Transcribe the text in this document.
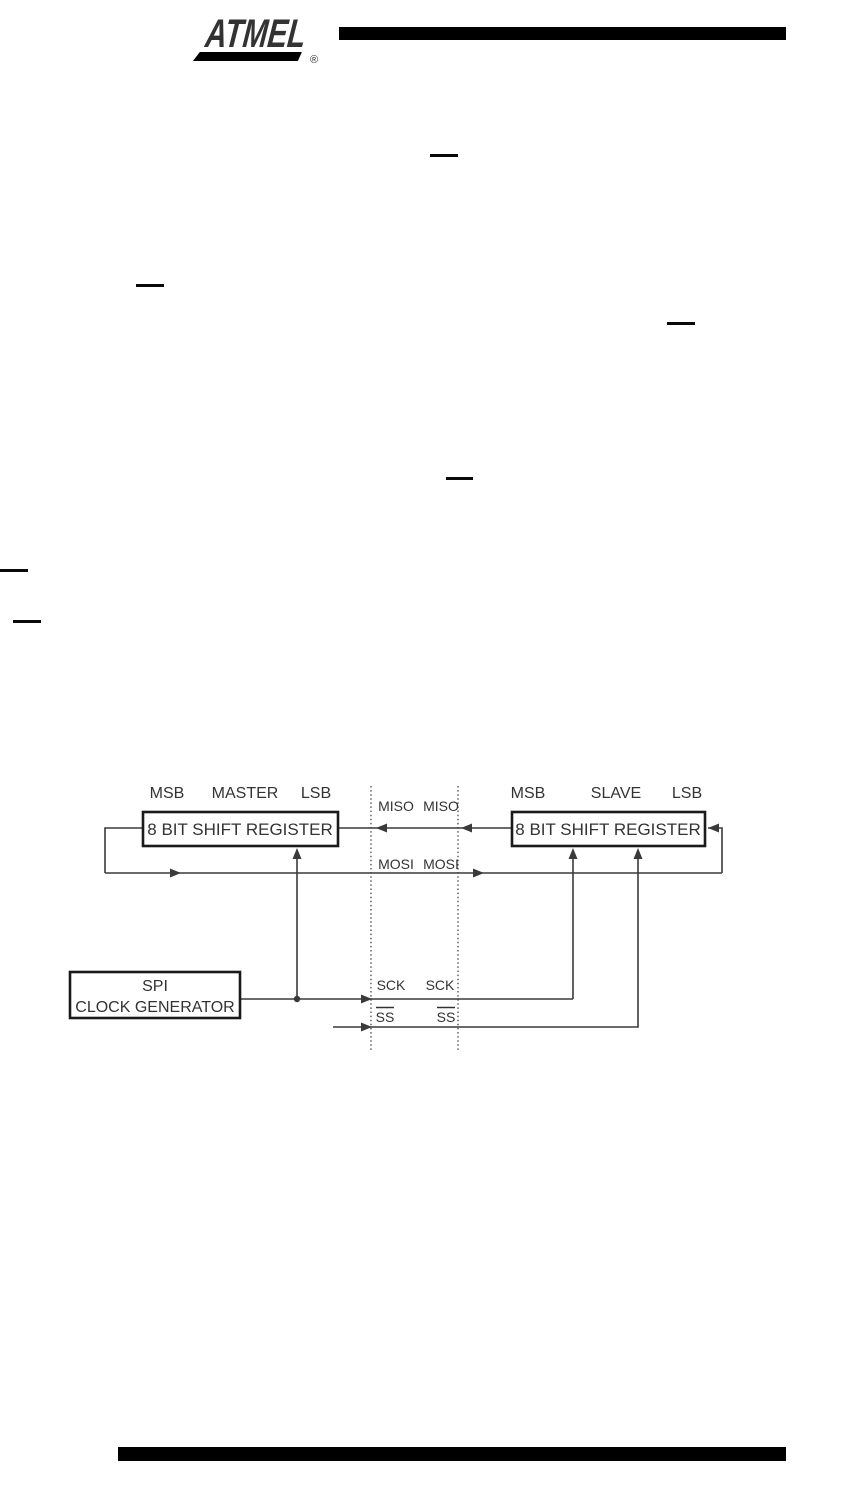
ATMEL
®
MSB MASTER LSB
8 BIT SHIFT REGISTER
MSB	SLAVE LSB
8 BIT SHIFT REGISTER
SPI
CLOCK GENERATOR
MISO MISO
MOSI MOSI
SCK SCK
SS	SS
